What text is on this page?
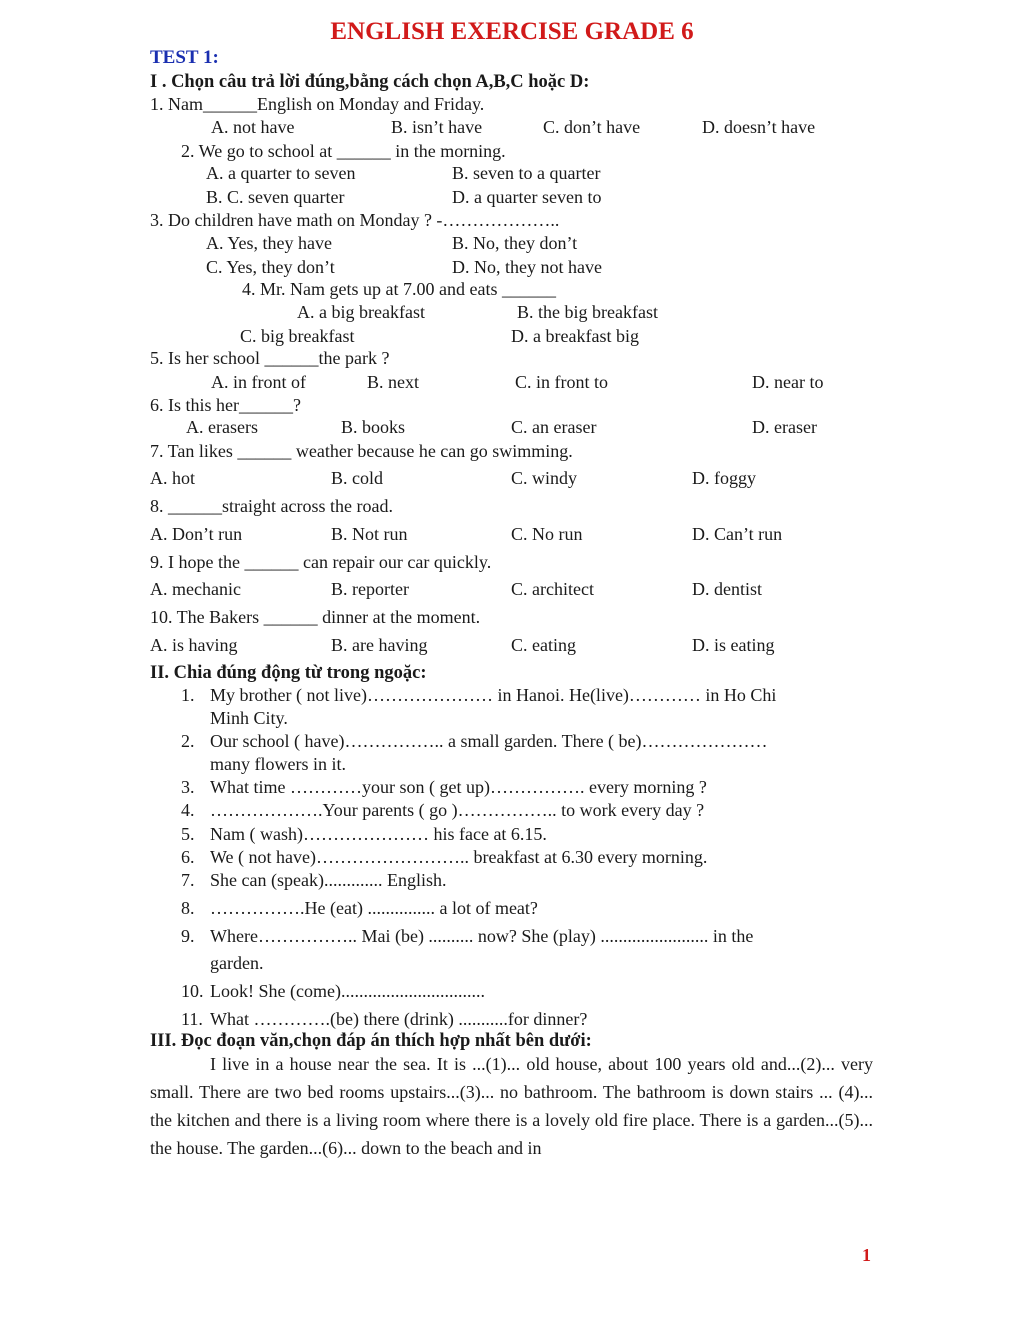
ENGLISH EXERCISE GRADE 6
TEST 1:
I . Chọn câu trả lời đúng,bằng cách chọn A,B,C hoặc D:
1. Nam______English on Monday and Friday.
A. not have	B. isn’t have	C. don’t have	D. doesn’t have
2. We go to school at ______ in the morning.
A. a quarter to seven	B. seven to a quarter
B. C. seven quarter	D. a quarter seven to
3. Do children have math on Monday ? -………………..
A. Yes, they have	B. No, they don’t
C. Yes, they don’t	D. No, they not have
4. Mr. Nam gets up at 7.00 and eats ______
A. a big breakfast	B. the big breakfast
C. big breakfast	D. a breakfast big
5. Is her school ______the park ?
A. in front of	B. next	C. in front to	D. near to
6. Is this her______?
A. erasers	B. books	C. an eraser	D. eraser
7. Tan likes ______ weather because he can go swimming.
A. hot	B. cold	C. windy	D. foggy
8. ______straight across the road.
A. Don’t run	B. Not run	C. No run	D. Can’t run
9. I hope the ______ can repair our car quickly.
A. mechanic	B. reporter	C. architect	D. dentist
10. The Bakers ______ dinner at the moment.
A. is having	B. are having	C. eating	D. is eating
II. Chia đúng động từ trong ngoặc:
1. My brother ( not live)………………… in Hanoi. He(live)………… in Ho Chi
Minh City.
2. Our school ( have)…………….. a small garden. There ( be)…………………
many flowers in it.
3. What time …………your son ( get up)……………. every morning ?
4. ……………….Your parents ( go )…………….. to work every day ?
5. Nam ( wash)………………… his face at 6.15.
6. We ( not have)…………………….. breakfast at 6.30 every morning.
7. She can (speak)............. English.
8. …………….He (eat) ............... a lot of meat?
9. Where…………….. Mai (be) .......... now? She (play) ........................ in the
garden.
10. Look! She (come)................................
11. What ………….(be) there (drink) ...........for dinner?
III. Đọc đoạn văn,chọn đáp án thích hợp nhất bên dưới:
I live in a house near the sea. It is ...(1)... old house, about 100 years old and...(2)... very small. There are two bed rooms upstairs...(3)... no bathroom. The bathroom is down stairs ... (4)... the kitchen and there is a living room where there is a lovely old fire place. There is a garden...(5)... the house. The garden...(6)... down to the beach and in
1
